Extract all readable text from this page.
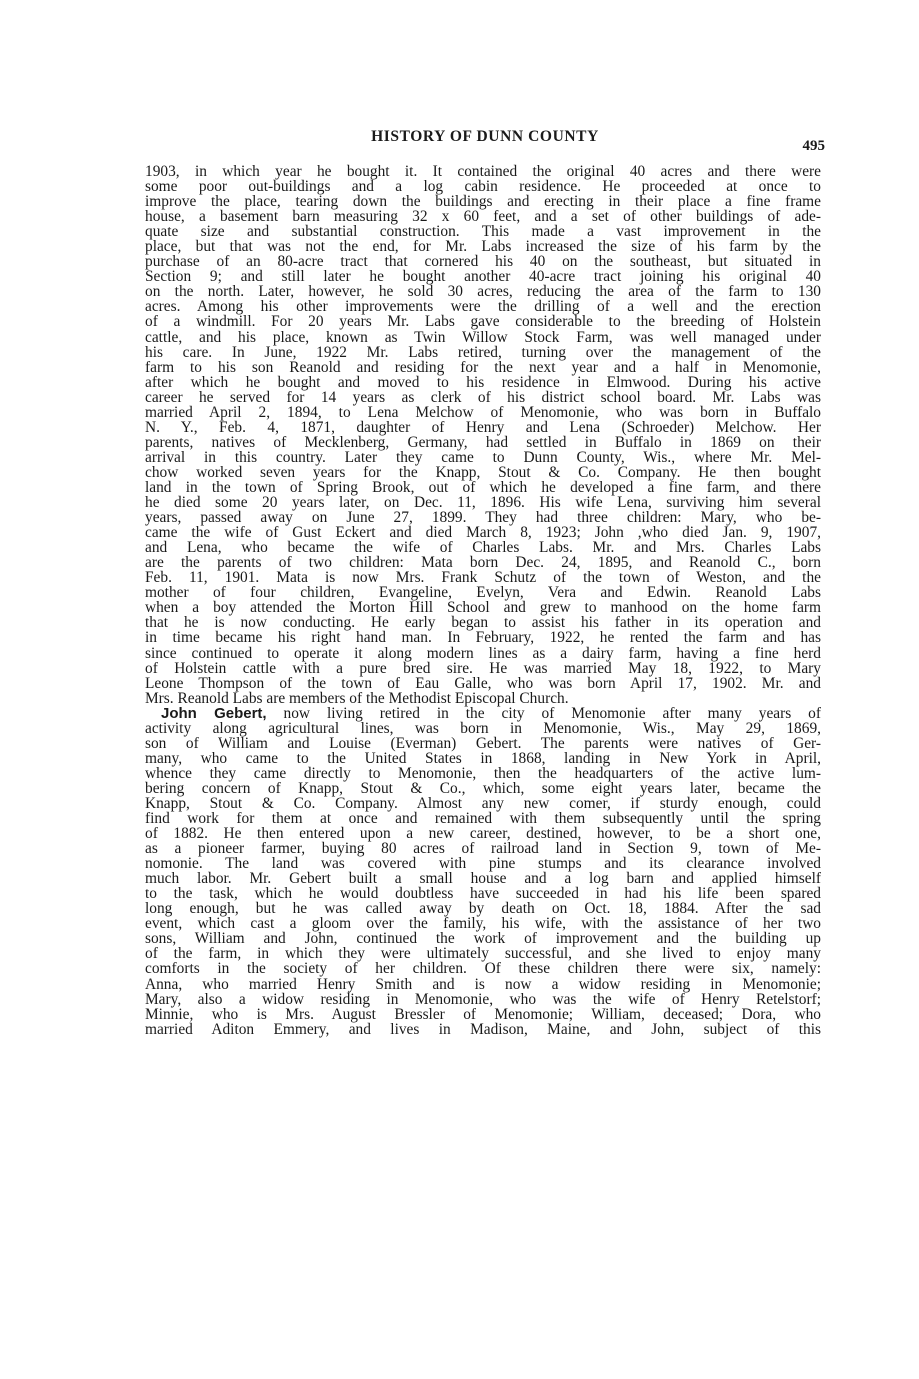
HISTORY OF DUNN COUNTY
495

1903, in which year he bought it. It contained the original 40 acres and there were

some poor out-buildings and a log cabin residence. He proceeded at once to

improve the place, tearing down the buildings and erecting in their place a fine frame

house, a basement barn measuring 32 x 60 feet, and a set of other buildings of ade-

quate size and substantial construction. This made a vast improvement in the

place, but that was not the end, for Mr. Labs increased the size of his farm by the

purchase of an 80-acre tract that cornered his 40 on the southeast, but situated in

Section 9; and still later he bought another 40-acre tract joining his original 40

on the north. Later, however, he sold 30 acres, reducing the area of the farm to 130

acres. Among his other improvements were the drilling of a well and the erection

of a windmill. For 20 years Mr. Labs gave considerable to the breeding of Holstein

cattle, and his place, known as Twin Willow Stock Farm, was well managed under

his care. In June, 1922 Mr. Labs retired, turning over the management of the

farm to his son Reanold and residing for the next year and a half in Menomonie,

after which he bought and moved to his residence in Elmwood. During his active

career he served for 14 years as clerk of his district school board. Mr. Labs was

married April 2, 1894, to Lena Melchow of Menomonie, who was born in Buffalo

N. Y., Feb. 4, 1871, daughter of Henry and Lena (Schroeder) Melchow. Her

parents, natives of Mecklenberg, Germany, had settled in Buffalo in 1869 on their

arrival in this country. Later they came to Dunn County, Wis., where Mr. Mel-

chow worked seven years for the Knapp, Stout & Co. Company. He then bought

land in the town of Spring Brook, out of which he developed a fine farm, and there

he died some 20 years later, on Dec. 11, 1896. His wife Lena, surviving him several

years, passed away on June 27, 1899. They had three children: Mary, who be-

came the wife of Gust Eckert and died March 8, 1923; John ,who died Jan. 9, 1907,

and Lena, who became the wife of Charles Labs. Mr. and Mrs. Charles Labs

are the parents of two children: Mata born Dec. 24, 1895, and Reanold C., born

Feb. 11, 1901. Mata is now Mrs. Frank Schutz of the town of Weston, and the

mother of four children, Evangeline, Evelyn, Vera and Edwin. Reanold Labs

when a boy attended the Morton Hill School and grew to manhood on the home farm

that he is now conducting. He early began to assist his father in its operation and

in time became his right hand man. In February, 1922, he rented the farm and has

since continued to operate it along modern lines as a dairy farm, having a fine herd

of Holstein cattle with a pure bred sire. He was married May 18, 1922, to Mary

Leone Thompson of the town of Eau Galle, who was born April 17, 1902. Mr. and

Mrs. Reanold Labs are members of the Methodist Episcopal Church.

John Gebert, now living retired in the city of Menomonie after many years of

activity along agricultural lines, was born in Menomonie, Wis., May 29, 1869,

son of William and Louise (Everman) Gebert. The parents were natives of Ger-

many, who came to the United States in 1868, landing in New York in April,

whence they came directly to Menomonie, then the headquarters of the active lum-

bering concern of Knapp, Stout & Co., which, some eight years later, became the

Knapp, Stout & Co. Company. Almost any new comer, if sturdy enough, could

find work for them at once and remained with them subsequently until the spring

of 1882. He then entered upon a new career, destined, however, to be a short one,

as a pioneer farmer, buying 80 acres of railroad land in Section 9, town of Me-

nomonie. The land was covered with pine stumps and its clearance involved

much labor. Mr. Gebert built a small house and a log barn and applied himself

to the task, which he would doubtless have succeeded in had his life been spared

long enough, but he was called away by death on Oct. 18, 1884. After the sad

event, which cast a gloom over the family, his wife, with the assistance of her two

sons, William and John, continued the work of improvement and the building up

of the farm, in which they were ultimately successful, and she lived to enjoy many

comforts in the society of her children. Of these children there were six, namely:

Anna, who married Henry Smith and is now a widow residing in Menomonie;

Mary, also a widow residing in Menomonie, who was the wife of Henry Retelstorf;

Minnie, who is Mrs. August Bressler of Menomonie; William, deceased; Dora, who

married Aditon Emmery, and lives in Madison, Maine, and John, subject of this
